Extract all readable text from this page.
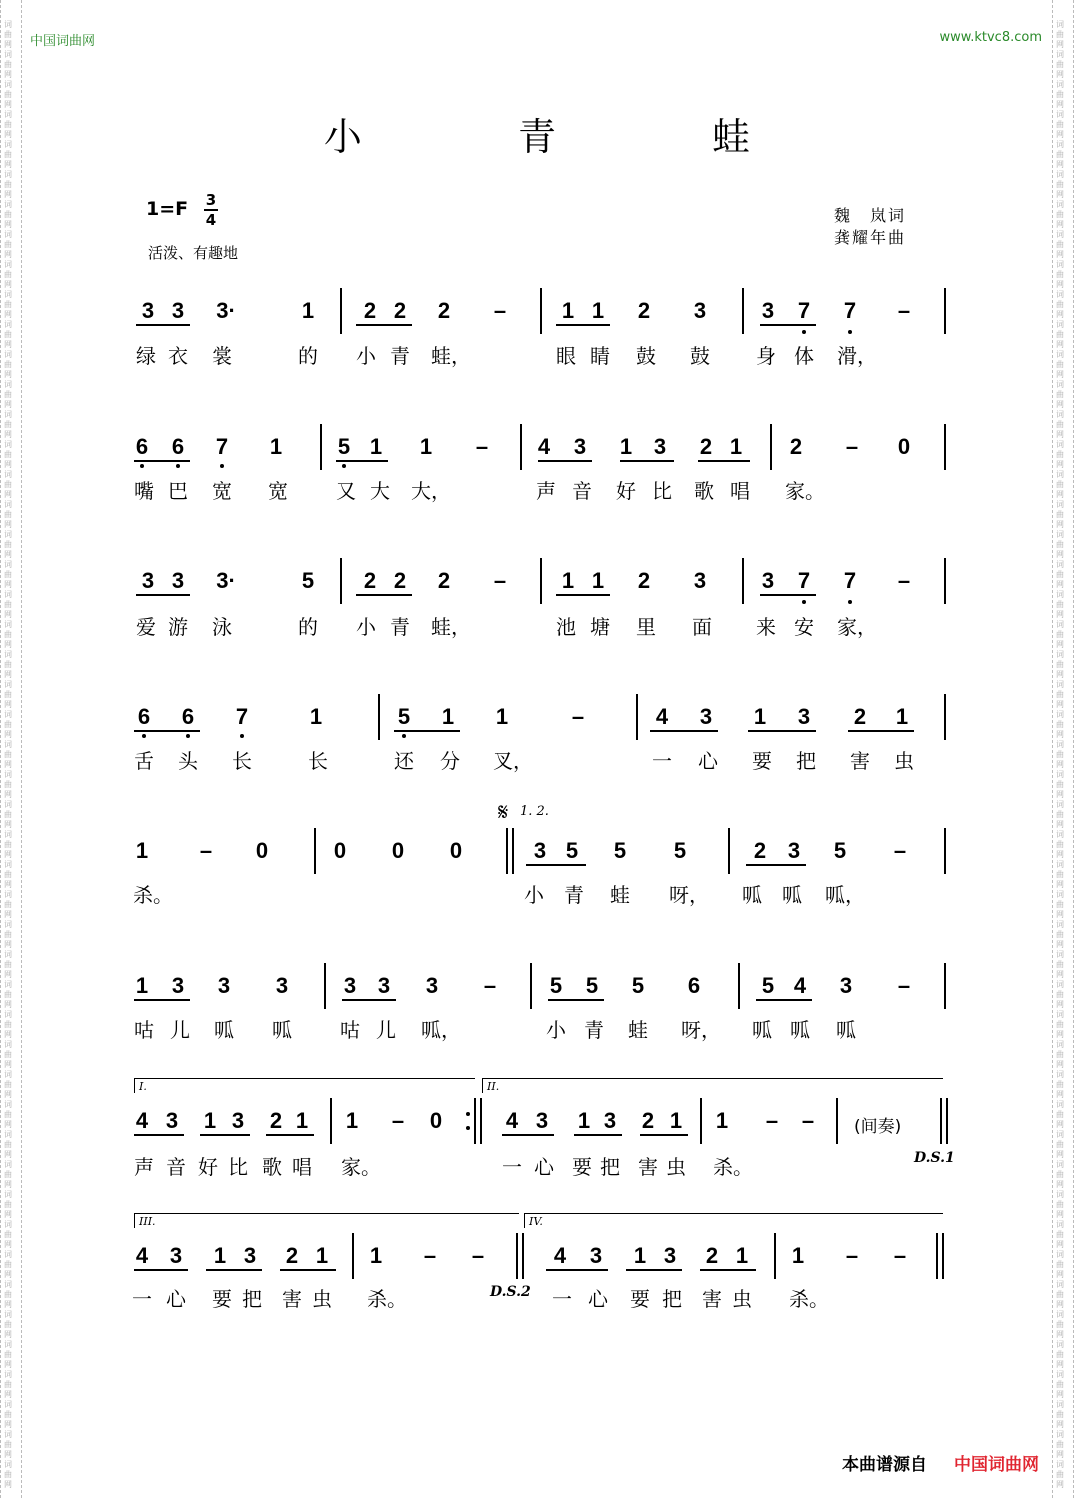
词
曲
网
词
曲
网
词
曲
网
词
曲
网
词
曲
网
词
曲
网
词
曲
网
词
曲
网
词
曲
网
词
曲
网
词
曲
网
词
曲
网
词
曲
网
词
曲
网
词
曲
网
词
曲
网
词
曲
网
词
曲
网
词
曲
网
词
曲
网
词
曲
网
词
曲
网
词
曲
网
词
曲
网
词
曲
网
词
曲
网
词
曲
网
词
曲
网
词
曲
网
词
曲
网
词
曲
网
词
曲
网
词
曲
网
词
曲
网
词
曲
网
词
曲
网
词
曲
网
词
曲
网
词
曲
网
词
曲
网
词
曲
网
词
曲
网
词
曲
网
词
曲
网
词
曲
网
词
曲
网
词
曲
网
词
曲
网
词
曲
网
词
曲
网
词
曲
网
词
曲
网
词
曲
网
词
曲
网
词
曲
网
词
曲
网
词
曲
网
词
曲
网
词
曲
网
词
曲
网
词
曲
网
词
曲
网
词
曲
网
词
曲
网
词
曲
网
词
曲
网
词
曲
网
词
曲
网
词
曲
网
词
曲
网
词
曲
网
词
曲
网
词
曲
网
词
曲
网
词
曲
网
词
曲
网
词
曲
网
词
曲
网
词
曲
网
词
曲
网
词
曲
网
词
曲
网
词
曲
网
词
曲
网
词
曲
网
词
曲
网
词
曲
网
词
曲
网
词
曲
网
词
曲
网
词
曲
网
词
曲
网
词
曲
网
词
曲
网
词
曲
网
词
曲
网
词
曲
网
词
曲
网
中国词曲网	www.ktvc8.com
小 青 蛙
1=F 3
4
活泼、有趣地
魏　岚词
龚耀年曲
3 3 3·	1 2 2 2 –	1 1 2 3	3 7 7 –
绿 衣 裳	的 小 青 蛙，	眼 睛 鼓 鼓 身 体 滑，
6 6 7 1	5 1 1 – 4 3 1 3 2 1 2 – 0
嘴 巴 宽 宽 又 大 大，	声 音 好 比 歌 唱 家。
3 3 3·	5 2 2 2 –	1 1 2 3	3 7 7 –
爱 游 泳	的 小 青 蛙，	池 塘 里 面 来 安 家，
6 6 7	1	5 1 1	–	4 3 1 3 2 1
舌 头 长	长	还 分 叉，	一 心 要 把 害 虫
1 – 0	0 0 0	3 5 5 5	2 3 5 –
杀。	小 青 蛙 呀， 呱 呱 呱，
1 3 3 3	3 3 3 – 5 5 5 6	5 4 3 –
咕 儿 呱 呱 咕 儿 呱，	小 青 蛙 呀， 呱 呱 呱
4 3 1 3 2 1 1 – 0	4 3 1 3 2 1 1 – –
声 音 好 比 歌 唱 家。	一 心 要 把 害 虫 杀。
4 3 1 3 2 1 1 – –	4 3 1 3 2 1 1 – –
一 心 要 把 害 虫 杀。	一 心 要 把 害 虫 杀。
𝄋 1. 2.
I.	II.
III.	IV.
(间奏)
D.S.1
D.S.2
本曲谱源自 中国词曲网
